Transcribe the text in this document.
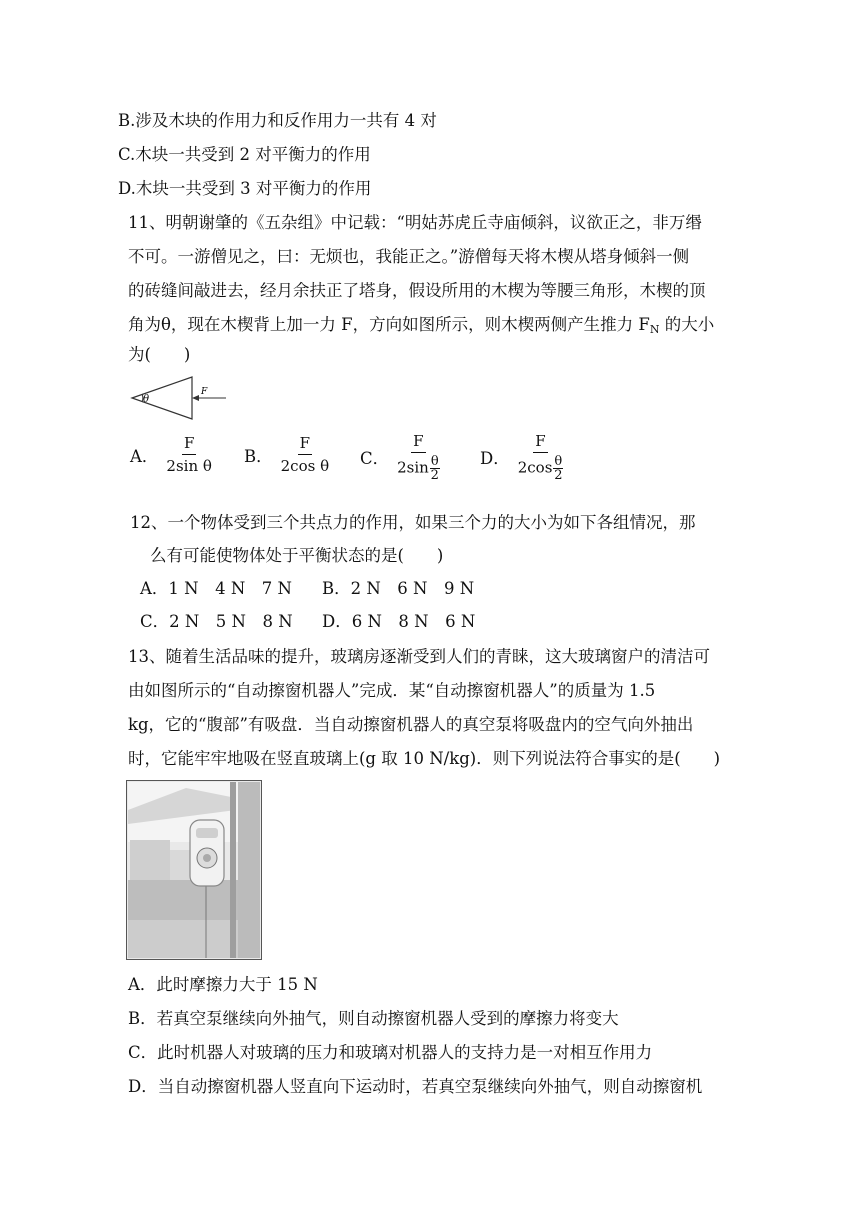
B.涉及木块的作用力和反作用力一共有 4 对
C.木块一共受到 2 对平衡力的作用
D.木块一共受到 3 对平衡力的作用
11、明朝谢肇的《五杂组》中记载：“明姑苏虎丘寺庙倾斜，议欲正之，非万缗
不可。一游僧见之，曰：无烦也，我能正之。”游僧每天将木楔从塔身倾斜一侧
的砖缝间敲进去，经月余扶正了塔身，假设所用的木楔为等腰三角形，木楔的顶
角为θ，现在木楔背上加一力 F，方向如图所示，则木楔两侧产生推力 FN 的大小
为(　　)
θ
F
A． $\frac{F}{\text{2sin θ}}$ B． $\frac{F}{\text{2cos θ}}$ C． $\frac{F}{2\sin \frac{\theta}{2}}$ D． $\frac{F}{2\cos \frac{\theta}{2}}$
12、一个物体受到三个共点力的作用，如果三个力的大小为如下各组情况，那
么有可能使物体处于平衡状态的是(　　)
A．1 N　4 N　7 N B．2 N　6 N　9 N
C．2 N　5 N　8 N D．6 N　8 N　6 N
13、随着生活品味的提升，玻璃房逐渐受到人们的青睐，这大玻璃窗户的清洁可
由如图所示的“自动擦窗机器人”完成．某“自动擦窗机器人”的质量为 1.5
kg，它的“腹部”有吸盘．当自动擦窗机器人的真空泵将吸盘内的空气向外抽出
时，它能牢牢地吸在竖直玻璃上(g 取 10 N/kg)．则下列说法符合事实的是(　　)
A．此时摩擦力大于 15 N
B．若真空泵继续向外抽气，则自动擦窗机器人受到的摩擦力将变大
C．此时机器人对玻璃的压力和玻璃对机器人的支持力是一对相互作用力
D．当自动擦窗机器人竖直向下运动时，若真空泵继续向外抽气，则自动擦窗机
